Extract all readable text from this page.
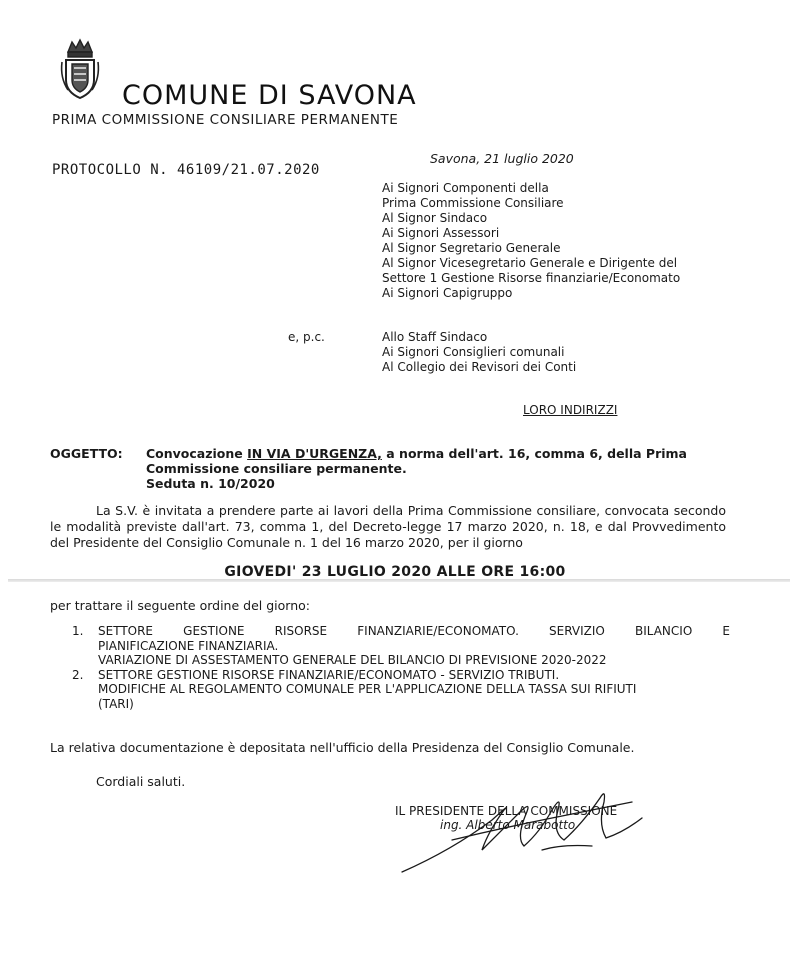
COMUNE DI SAVONA
PRIMA COMMISSIONE CONSILIARE PERMANENTE
PROTOCOLLO N. 46109/21.07.2020
Savona, 21 luglio 2020
Ai Signori Componenti della
Prima Commissione Consiliare
Al Signor Sindaco
Ai Signori Assessori
Al Signor Segretario Generale
Al Signor Vicesegretario Generale e Dirigente del
Settore 1 Gestione Risorse finanziarie/Economato
Ai Signori Capigruppo
e, p.c.	Allo Staff Sindaco
Ai Signori Consiglieri comunali
Al Collegio dei Revisori dei Conti
LORO INDIRIZZI
OGGETTO: Convocazione IN VIA D'URGENZA, a norma dell'art. 16, comma 6, della Prima Commissione consiliare permanente.
Seduta n. 10/2020
La S.V. è invitata a prendere parte ai lavori della Prima Commissione consiliare, convocata secondo le modalità previste dall'art. 73, comma 1, del Decreto-legge 17 marzo 2020, n. 18, e dal Provvedimento del Presidente del Consiglio Comunale n. 1 del 16 marzo 2020, per il giorno
GIOVEDI' 23 LUGLIO 2020 ALLE ORE 16:00
per trattare il seguente ordine del giorno:
1. SETTORE GESTIONE RISORSE FINANZIARIE/ECONOMATO. SERVIZIO BILANCIO E
PIANIFICAZIONE FINANZIARIA.
VARIAZIONE DI ASSESTAMENTO GENERALE DEL BILANCIO DI PREVISIONE 2020-2022
2. SETTORE GESTIONE RISORSE FINANZIARIE/ECONOMATO - SERVIZIO TRIBUTI.
MODIFICHE AL REGOLAMENTO COMUNALE PER L'APPLICAZIONE DELLA TASSA SUI RIFIUTI
(TARI)
La relativa documentazione è depositata nell'ufficio della Presidenza del Consiglio Comunale.
Cordiali saluti.
IL PRESIDENTE DELLA COMMISSIONE
ing. Alberto Marabotto
